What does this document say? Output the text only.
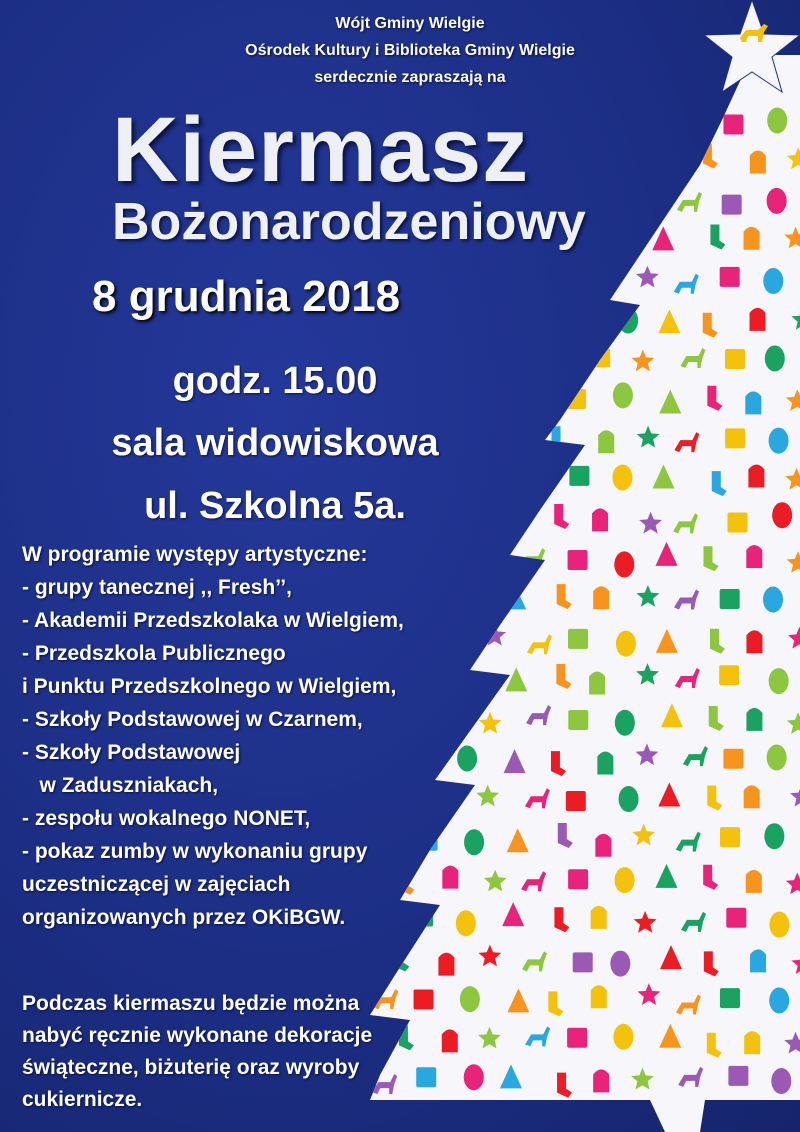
Wójt Gminy Wielgie
Ośrodek Kultury i Biblioteka Gminy Wielgie
serdecznie zapraszają na
Kiermasz
Bożonarodzeniowy
8 grudnia 2018
godz. 15.00
sala widowiskowa
ul. Szkolna 5a.
W programie występy artystyczne:
- grupy tanecznej ,, Fresh’’,
- Akademii Przedszkolaka w Wielgiem,
- Przedszkola Publicznego
i Punktu Przedszkolnego w Wielgiem,
- Szkoły Podstawowej w Czarnem,
- Szkoły Podstawowej
w Zaduszniakach,
- zespołu wokalnego NONET,
- pokaz zumby w wykonaniu grupy
uczestniczącej w zajęciach
organizowanych przez OKiBGW.
Podczas kiermaszu będzie można
nabyć ręcznie wykonane dekoracje
świąteczne, biżuterię oraz wyroby
cukiernicze.
